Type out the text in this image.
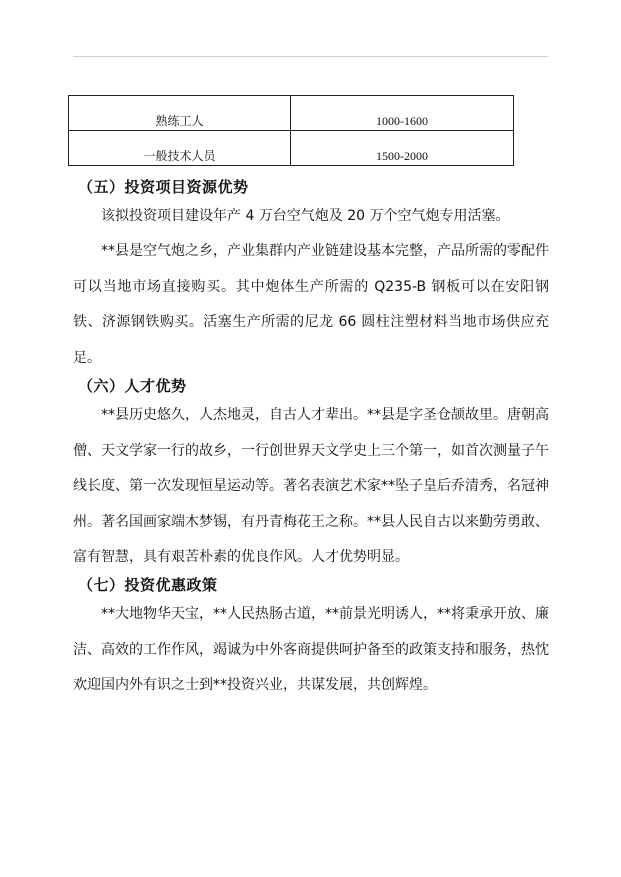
熟练工人	1000-1600
一般技术人员	1500-2000
（五）投资项目资源优势
该拟投资项目建设年产 4 万台空气炮及 20 万个空气炮专用活塞。
**县是空气炮之乡，产业集群内产业链建设基本完整，产品所需的零配件可以当地市场直接购买。其中炮体生产所需的 Q235-B 钢板可以在安阳钢铁、济源钢铁购买。活塞生产所需的尼龙 66 圆柱注塑材料当地市场供应充足。
（六）人才优势
**县历史悠久，人杰地灵，自古人才辈出。**县是字圣仓颉故里。唐朝高僧、天文学家一行的故乡，一行创世界天文学史上三个第一，如首次测量子午线长度、第一次发现恒星运动等。著名表演艺术家**坠子皇后乔清秀，名冠神州。著名国画家端木梦锡，有丹青梅花王之称。**县人民自古以来勤劳勇敢、富有智慧，具有艰苦朴素的优良作风。人才优势明显。
（七）投资优惠政策
**大地物华天宝，**人民热肠古道，**前景光明诱人，**将秉承开放、廉洁、高效的工作作风，竭诚为中外客商提供呵护备至的政策支持和服务，热忱欢迎国内外有识之士到**投资兴业，共谋发展，共创辉煌。
